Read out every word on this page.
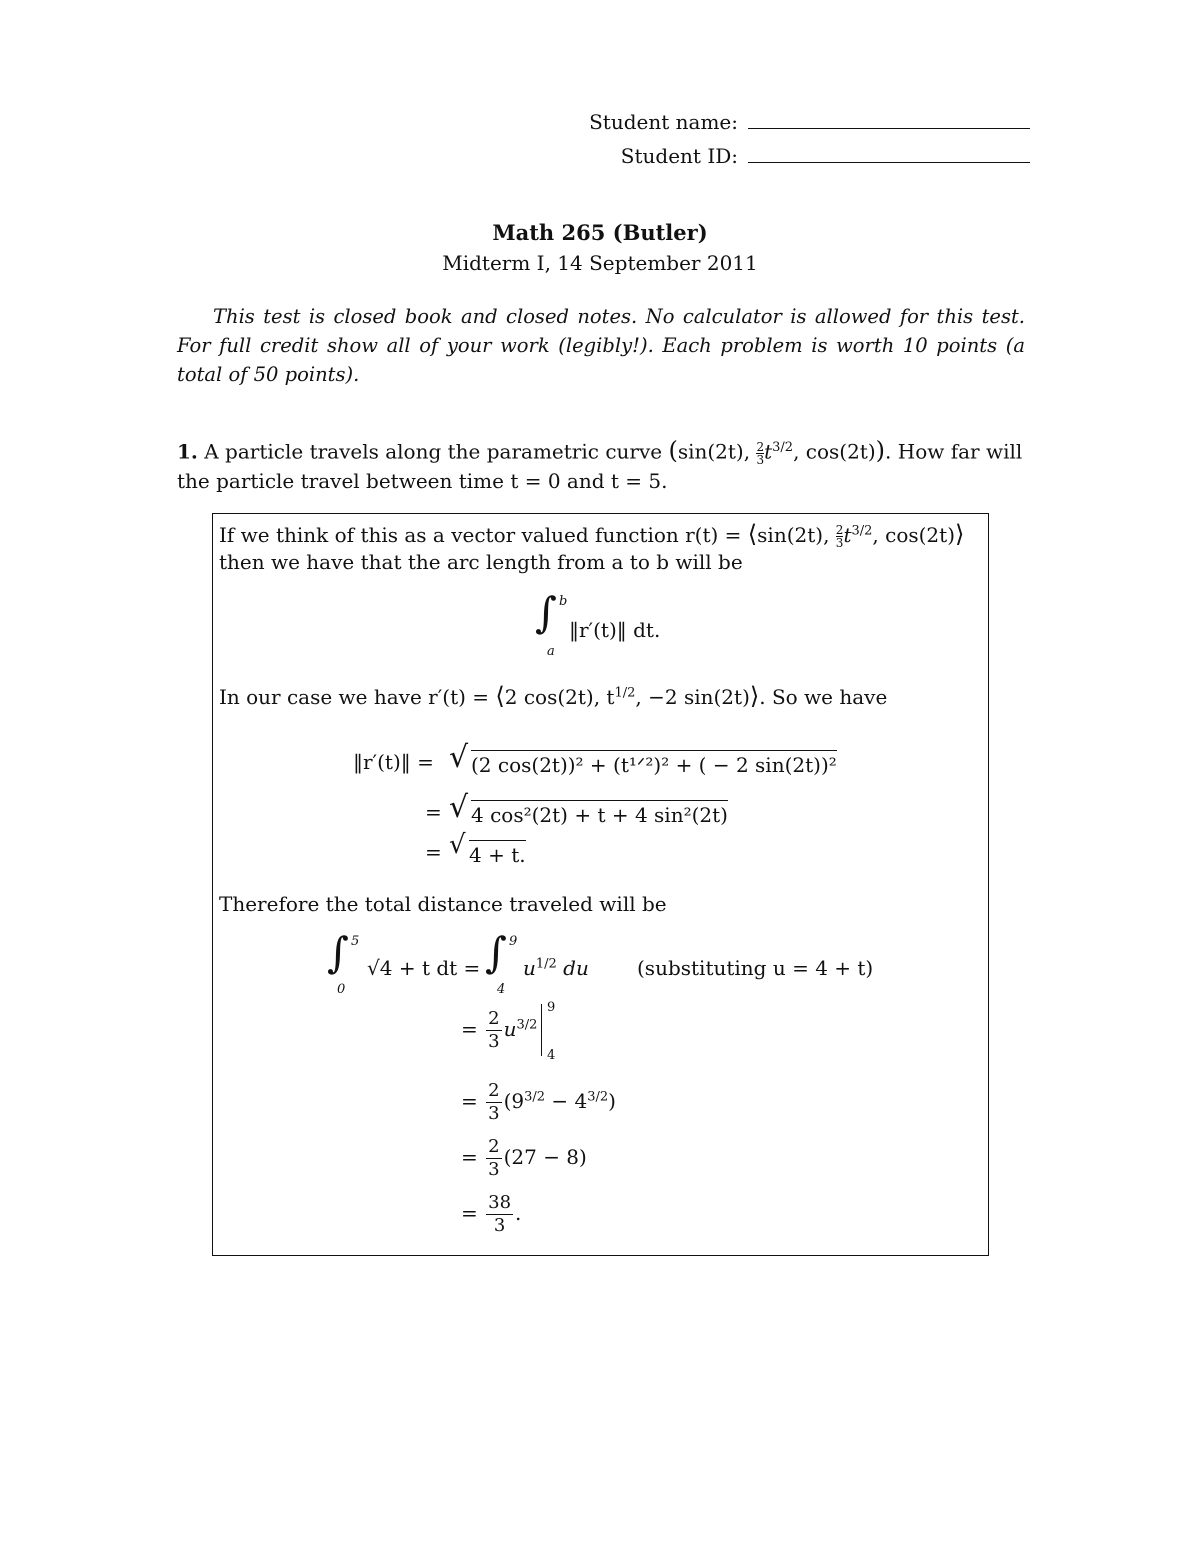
Student name:
Student ID:
Math 265 (Butler)
Midterm I, 14 September 2011
This test is closed book and closed notes. No calculator is allowed for this test. For full credit show all of your work (legibly!). Each problem is worth 10 points (a total of 50 points).
1. A particle travels along the parametric curve (sin(2t), $\frac{2}{3} t^{3/2}$, cos(2t)). How far will
the particle travel between time t = 0 and t = 5.
If we think of this as a vector valued function r(t) = ⟨sin(2t), $\frac{2}{3} t^{3/2}$, cos(2t)⟩
then we have that the arc length from a to b will be
∫ b
a
‖r′(t)‖ dt.
In our case we have r′(t) = ⟨2 cos(2t), $t^{1/2}$, −2 sin(2t)⟩. So we have
‖r′(t)‖ = √ (2 cos(2t))² + (t¹ᐟ²)² + ( − 2 sin(2t))²
= √ 4 cos²(2t) + t + 4 sin²(2t)
= √ 4 + t.
Therefore the total distance traveled will be
∫ 5
0
√4 + t dt = ∫ 9
4
$u^{1/2}$ du (substituting u = 4 + t)
= $\frac{2}{3} u^{3/2}$
9
4
= $\frac{2}{3} (9^{3/2} - 4^{3/2})$
= $\frac{2}{3} (27 - 8)$
= $\frac{38}{3}$ .
